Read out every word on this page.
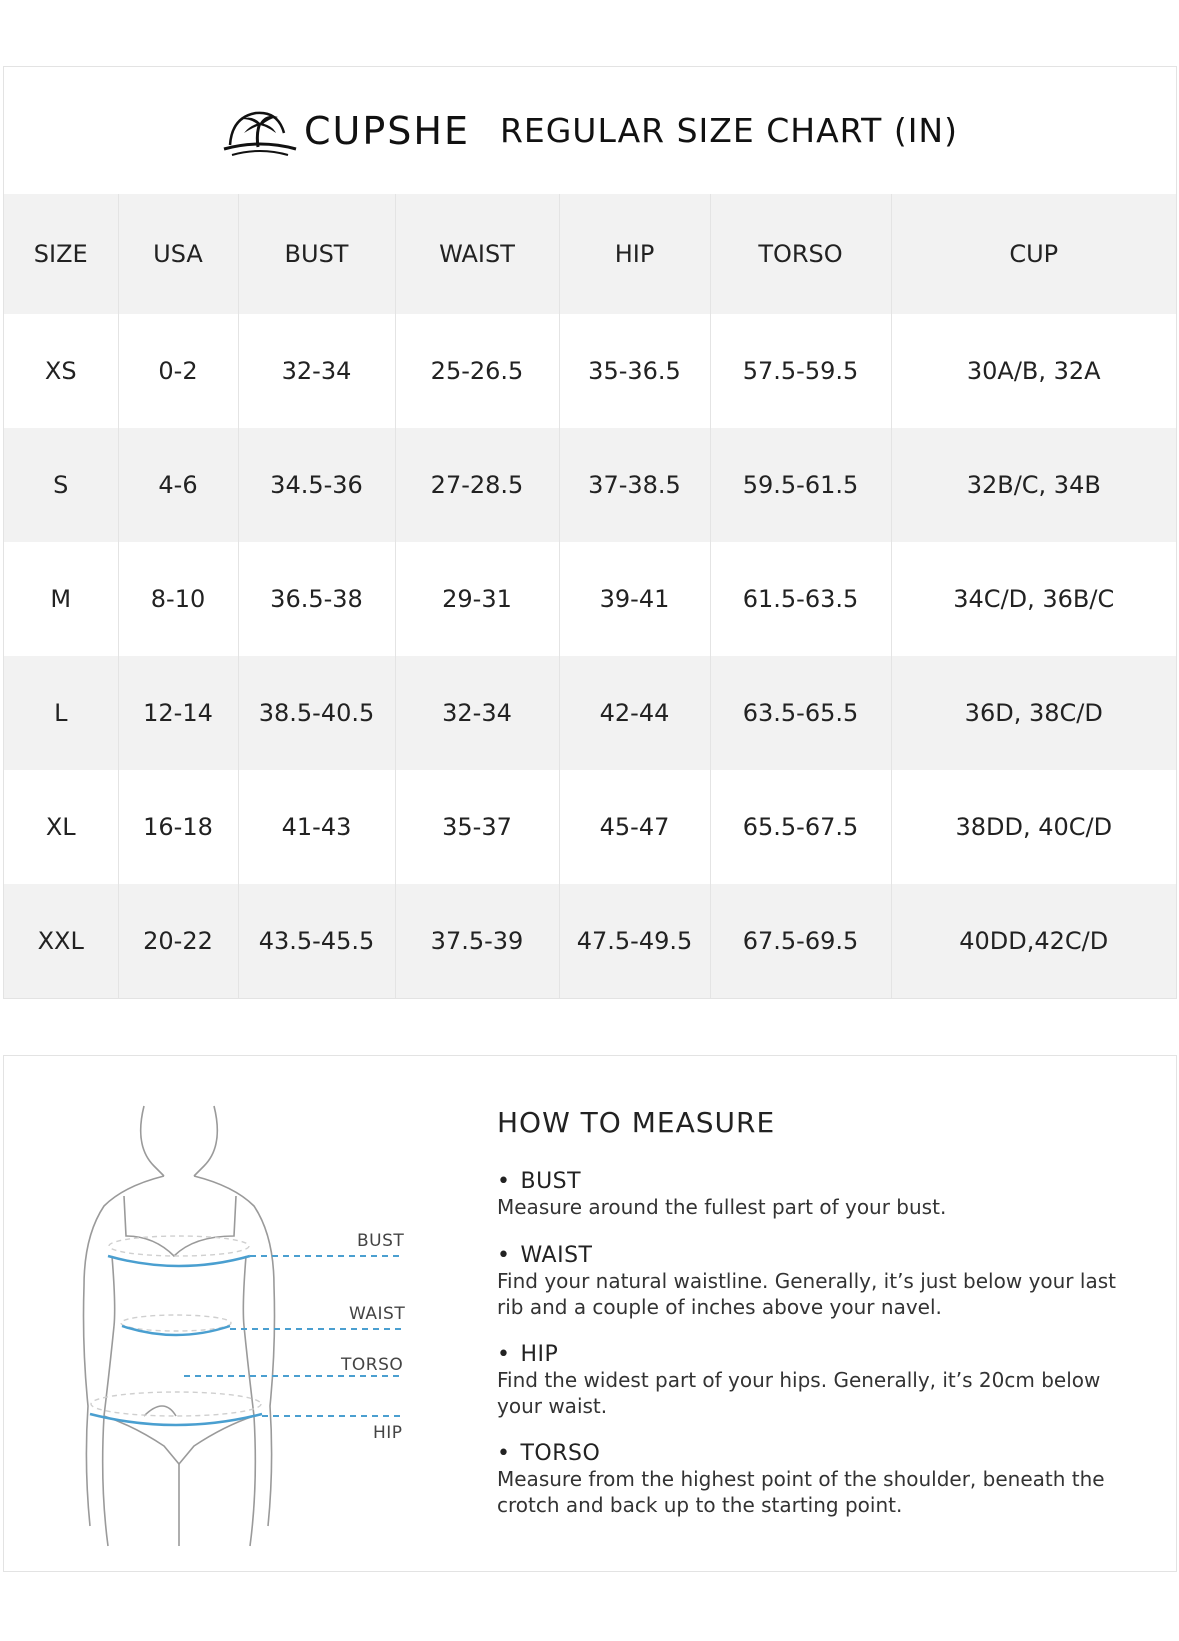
CUPSHE REGULAR SIZE CHART (IN)
SIZE	USA	BUST	WAIST	HIP	TORSO	CUP
XS	0-2	32-34	25-26.5	35-36.5	57.5-59.5	30A/B, 32A
S	4-6	34.5-36	27-28.5	37-38.5	59.5-61.5	32B/C, 34B
M	8-10	36.5-38	29-31	39-41	61.5-63.5	34C/D, 36B/C
L	12-14	38.5-40.5	32-34	42-44	63.5-65.5	36D, 38C/D
XL	16-18	41-43	35-37	45-47	65.5-67.5	38DD, 40C/D
XXL	20-22	43.5-45.5	37.5-39	47.5-49.5	67.5-69.5	40DD,42C/D
BUST
WAIST
TORSO
HIP
HOW TO MEASURE
• BUST
Measure around the fullest part of your bust.
• WAIST
Find your natural waistline. Generally, it’s just below your last rib and a couple of inches above your navel.
• HIP
Find the widest part of your hips. Generally, it’s 20cm below your waist.
• TORSO
Measure from the highest point of the shoulder, beneath the crotch and back up to the starting point.
